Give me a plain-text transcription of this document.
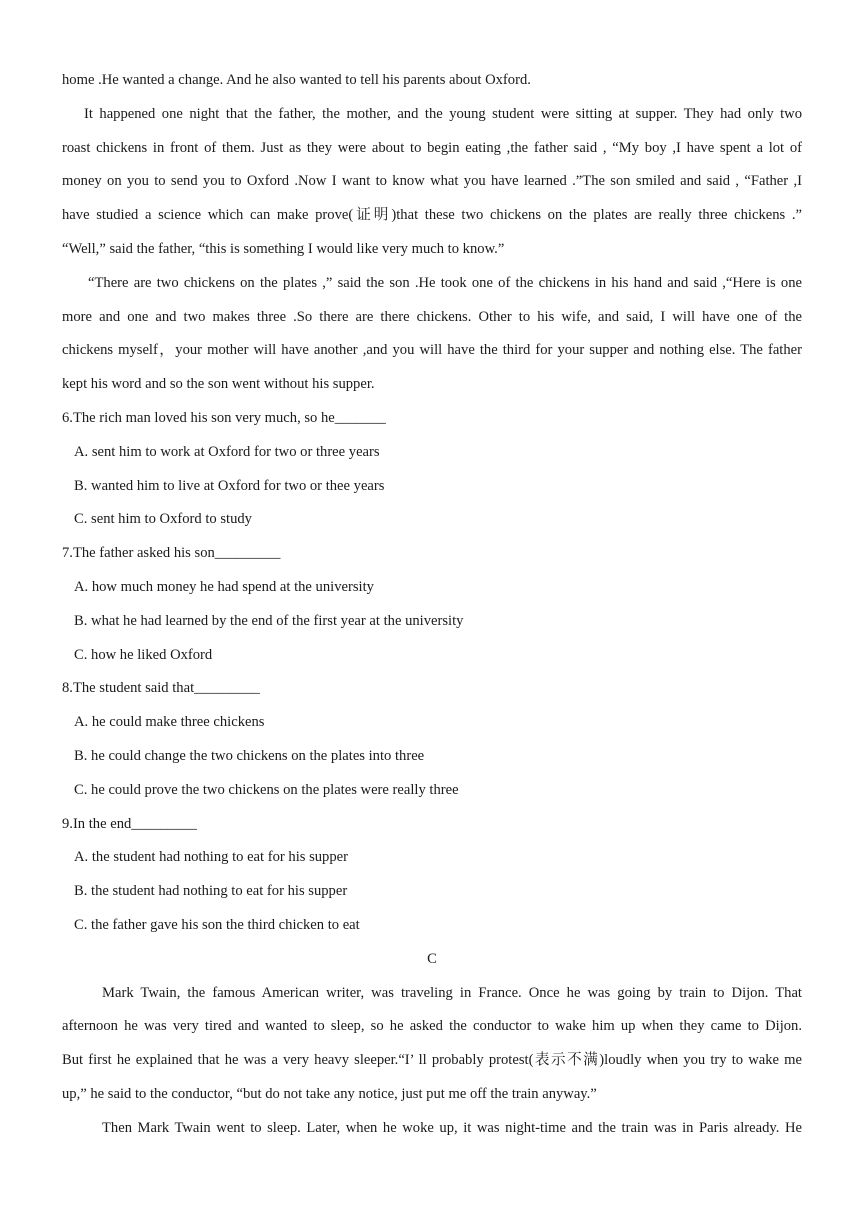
home .He wanted a change. And he also wanted to tell his parents about Oxford.
It happened one night that the father, the mother, and the young student were sitting at supper. They had only two
roast chickens in front of them. Just as they were about to begin eating ,the father said , “My boy ,I have spent a lot of
money on you to send you to Oxford .Now I want to know what you have learned .”The son smiled and said , “Father ,I
have studied a science which can make prove(证明)that these two chickens on the plates are really three chickens .”
“Well,” said the father, “this is something I would like very much to know.”
“There are two chickens on the plates ,” said the son .He took one of the chickens in his hand and said ,“Here is one
more and one and two makes three .So there are there chickens. Other to his wife, and said, I will have one of the
chickens myself，your mother will have another ,and you will have the third for your supper and nothing else. The father
kept his word and so the son went without his supper.
6.The rich man loved his son very much, so he_______
A. sent him to work at Oxford for two or three years
B. wanted him to live at Oxford for two or thee years
C. sent him to Oxford to study
7.The father asked his son_________
A. how much money he had spend at the university
B. what he had learned by the end of the first year at the university
C. how he liked Oxford
8.The student said that_________
A. he could make three chickens
B. he could change the two chickens on the plates into three
C. he could prove the two chickens on the plates were really three
9.In the end_________
A. the student had nothing to eat for his supper
B. the student had nothing to eat for his supper
C. the father gave his son the third chicken to eat
C
Mark Twain, the famous American writer, was traveling in France. Once he was going by train to Dijon. That
afternoon he was very tired and wanted to sleep, so he asked the conductor to wake him up when they came to Dijon.
But first he explained that he was a very heavy sleeper.“I’ ll probably protest(表示不满)loudly when you try to wake me
up,” he said to the conductor, “but do not take any notice, just put me off the train anyway.”
Then Mark Twain went to sleep. Later, when he woke up, it was night-time and the train was in Paris already. He
